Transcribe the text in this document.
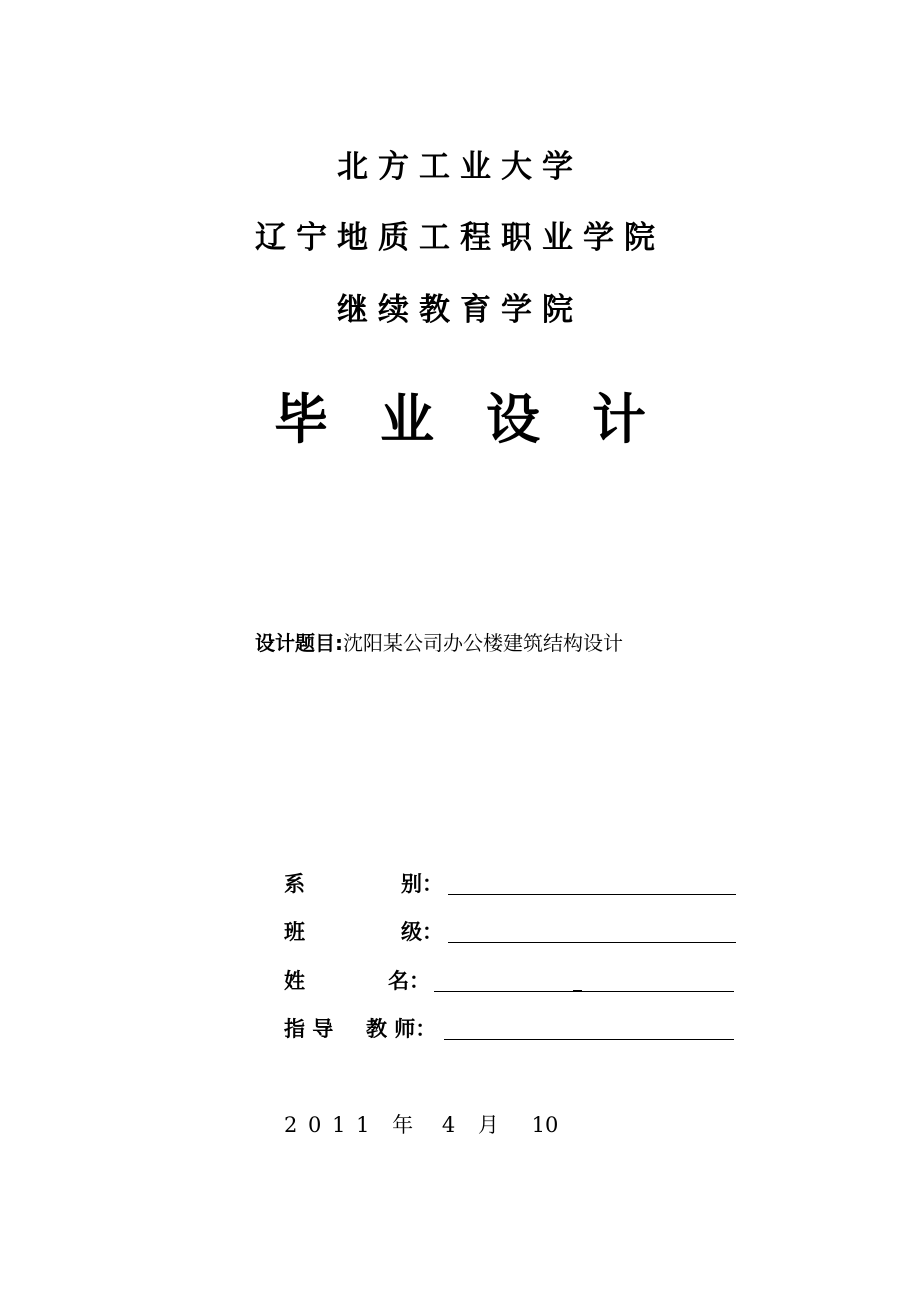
北方工业大学
辽宁地质工程职业学院
继续教育学院
毕业设计
设计题目:沈阳某公司办公楼建筑结构设计
系	别：
班	级：
姓	名：
指 导 教 师：
2 0 1 1 年 4 月 10
